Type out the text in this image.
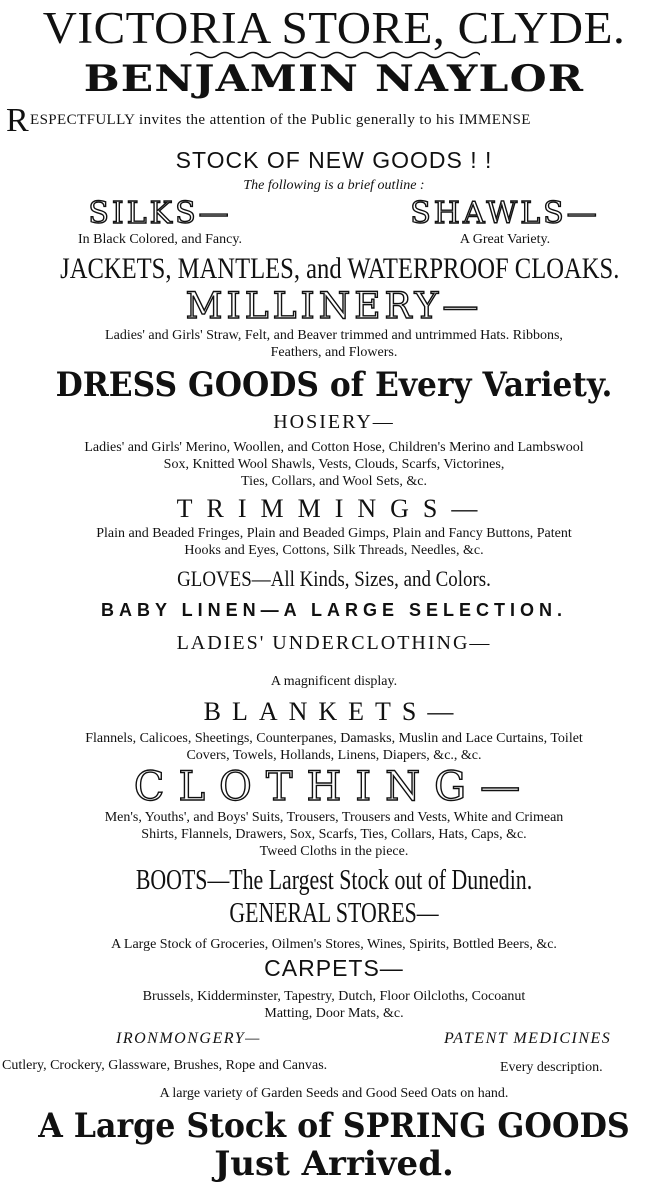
VICTORIA STORE, CLYDE.
BENJAMIN NAYLOR
R ESPECTFULLY invites the attention of the Public generally to his IMMENSE
STOCK OF NEW GOODS ! !
The following is a brief outline :
SILKS—
In Black Colored, and Fancy.
SHAWLS—
A Great Variety.
JACKETS, MANTLES, and WATERPROOF CLOAKS.
MILLINERY—
Ladies' and Girls' Straw, Felt, and Beaver trimmed and untrimmed Hats. Ribbons,
Feathers, and Flowers.
DRESS GOODS of Every Variety.
HOSIERY—
Ladies' and Girls' Merino, Woollen, and Cotton Hose, Children's Merino and Lambswool
Sox, Knitted Wool Shawls, Vests, Clouds, Scarfs, Victorines,
Ties, Collars, and Wool Sets, &c.
TRIMMINGS—
Plain and Beaded Fringes, Plain and Beaded Gimps, Plain and Fancy Buttons, Patent
Hooks and Eyes, Cottons, Silk Threads, Needles, &c.
GLOVES—All Kinds, Sizes, and Colors.
BABY LINEN—A LARGE SELECTION.
LADIES' UNDERCLOTHING—
A magnificent display.
BLANKETS—
Flannels, Calicoes, Sheetings, Counterpanes, Damasks, Muslin and Lace Curtains, Toilet
Covers, Towels, Hollands, Linens, Diapers, &c., &c.
CLOTHING—
Men's, Youths', and Boys' Suits, Trousers, Trousers and Vests, White and Crimean
Shirts, Flannels, Drawers, Sox, Scarfs, Ties, Collars, Hats, Caps, &c.
Tweed Cloths in the piece.
BOOTS—The Largest Stock out of Dunedin.
GENERAL STORES—
A Large Stock of Groceries, Oilmen's Stores, Wines, Spirits, Bottled Beers, &c.
CARPETS—
Brussels, Kidderminster, Tapestry, Dutch, Floor Oilcloths, Cocoanut
Matting, Door Mats, &c.
IRONMONGERY—	PATENT MEDICINES
Cutlery, Crockery, Glassware, Brushes, Rope and Canvas.	Every description.
A large variety of Garden Seeds and Good Seed Oats on hand.
A Large Stock of SPRING GOODS
Just Arrived.
